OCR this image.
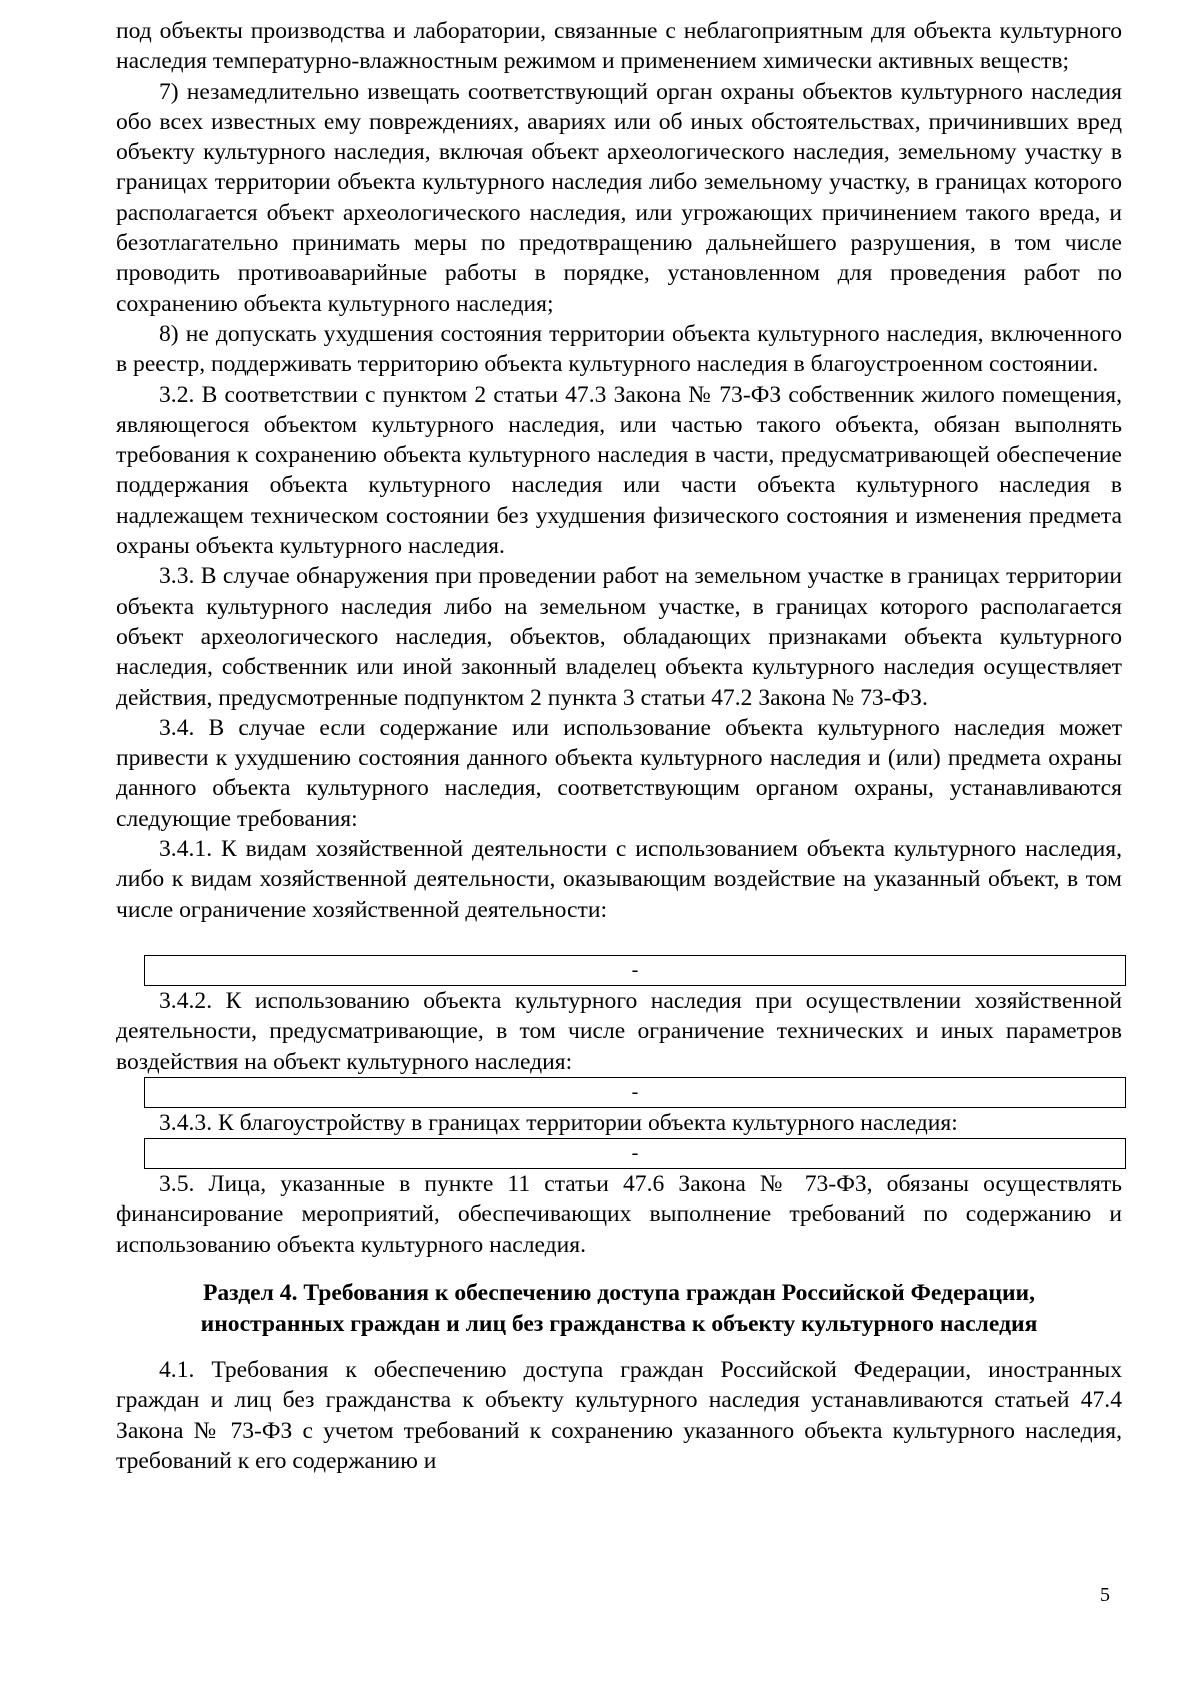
под объекты производства и лаборатории, связанные с неблагоприятным для объекта культурного наследия температурно-влажностным режимом и применением химически активных веществ;

7) незамедлительно извещать соответствующий орган охраны объектов культурного наследия обо всех известных ему повреждениях, авариях или об иных обстоятельствах, причинивших вред объекту культурного наследия, включая объект археологического наследия, земельному участку в границах территории объекта культурного наследия либо земельному участку, в границах которого располагается объект археологического наследия, или угрожающих причинением такого вреда, и безотлагательно принимать меры по предотвращению дальнейшего разрушения, в том числе проводить противоаварийные работы в порядке, установленном для проведения работ по сохранению объекта культурного наследия;

8) не допускать ухудшения состояния территории объекта культурного наследия, включенного в реестр, поддерживать территорию объекта культурного наследия в благоустроенном состоянии.

3.2. В соответствии с пунктом 2 статьи 47.3 Закона № 73-ФЗ собственник жилого помещения, являющегося объектом культурного наследия, или частью такого объекта, обязан выполнять требования к сохранению объекта культурного наследия в части, предусматривающей обеспечение поддержания объекта культурного наследия или части объекта культурного наследия в надлежащем техническом состоянии без ухудшения физического состояния и изменения предмета охраны объекта культурного наследия.

3.3. В случае обнаружения при проведении работ на земельном участке в границах территории объекта культурного наследия либо на земельном участке, в границах которого располагается объект археологического наследия, объектов, обладающих признаками объекта культурного наследия, собственник или иной законный владелец объекта культурного наследия осуществляет действия, предусмотренные подпунктом 2 пункта 3 статьи 47.2 Закона № 73-ФЗ.

3.4. В случае если содержание или использование объекта культурного наследия может привести к ухудшению состояния данного объекта культурного наследия и (или) предмета охраны данного объекта культурного наследия, соответствующим органом охраны, устанавливаются следующие требования:

3.4.1. К видам хозяйственной деятельности с использованием объекта культурного наследия, либо к видам хозяйственной деятельности, оказывающим воздействие на указанный объект, в том числе ограничение хозяйственной деятельности:

-

3.4.2. К использованию объекта культурного наследия при осуществлении хозяйственной деятельности, предусматривающие, в том числе ограничение технических и иных параметров воздействия на объект культурного наследия:

-

3.4.3. К благоустройству в границах территории объекта культурного наследия:

-

3.5. Лица, указанные в пункте 11 статьи 47.6 Закона № 73-ФЗ, обязаны осуществлять финансирование мероприятий, обеспечивающих выполнение требований по содержанию и использованию объекта культурного наследия.

Раздел 4. Требования к обеспечению доступа граждан Российской Федерации,
иностранных граждан и лиц без гражданства к объекту культурного наследия

4.1. Требования к обеспечению доступа граждан Российской Федерации, иностранных граждан и лиц без гражданства к объекту культурного наследия устанавливаются статьей 47.4 Закона № 73-ФЗ с учетом требований к сохранению указанного объекта культурного наследия, требований к его содержанию и

5
